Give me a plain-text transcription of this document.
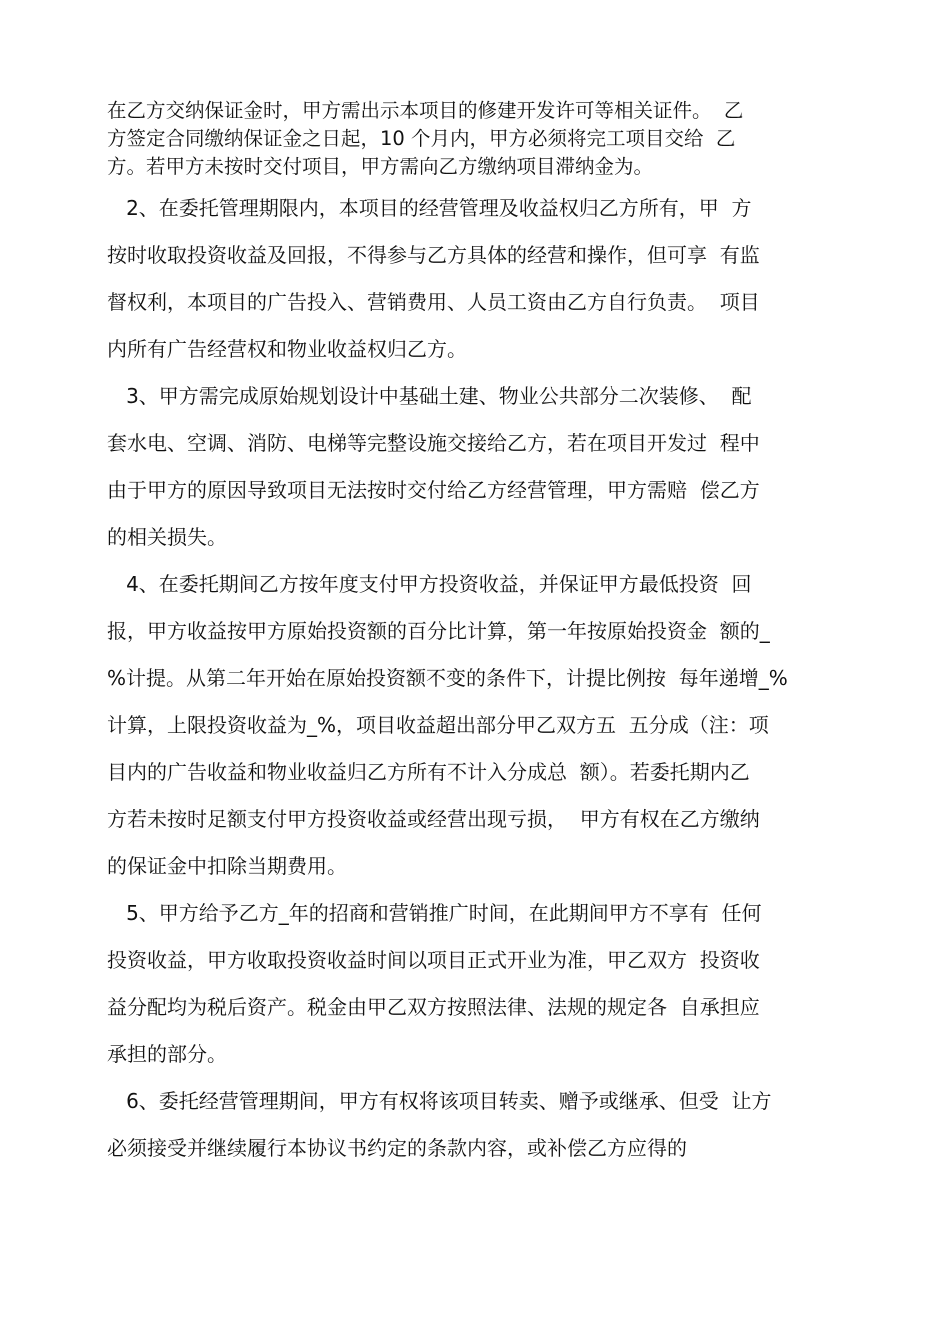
在乙方交纳保证金时，甲方需出示本项目的修建开发许可等相关证件。  乙
方签定合同缴纳保证金之日起，10 个月内，甲方必须将完工项目交给  乙
方。若甲方未按时交付项目，甲方需向乙方缴纳项目滞纳金为。
2、在委托管理期限内，本项目的经营管理及收益权归乙方所有，甲  方
按时收取投资收益及回报，不得参与乙方具体的经营和操作，但可享  有监
督权利，本项目的广告投入、营销费用、人员工资由乙方自行负责。  项目
内所有广告经营权和物业收益权归乙方。
3、甲方需完成原始规划设计中基础土建、物业公共部分二次装修、  配
套水电、空调、消防、电梯等完整设施交接给乙方，若在项目开发过  程中
由于甲方的原因导致项目无法按时交付给乙方经营管理，甲方需赔  偿乙方
的相关损失。
4、在委托期间乙方按年度支付甲方投资收益，并保证甲方最低投资  回
报，甲方收益按甲方原始投资额的百分比计算，第一年按原始投资金  额的_
%计提。从第二年开始在原始投资额不变的条件下，计提比例按  每年递增_%
计算，上限投资收益为_%，项目收益超出部分甲乙双方五  五分成（注：项
目内的广告收益和物业收益归乙方所有不计入分成总  额）。若委托期内乙
方若未按时足额支付甲方投资收益或经营出现亏损，  甲方有权在乙方缴纳
的保证金中扣除当期费用。
5、甲方给予乙方_年的招商和营销推广时间，在此期间甲方不享有  任何
投资收益，甲方收取投资收益时间以项目正式开业为准，甲乙双方  投资收
益分配均为税后资产。税金由甲乙双方按照法律、法规的规定各  自承担应
承担的部分。
6、委托经营管理期间，甲方有权将该项目转卖、赠予或继承、但受  让方
必须接受并继续履行本协议书约定的条款内容，或补偿乙方应得的
